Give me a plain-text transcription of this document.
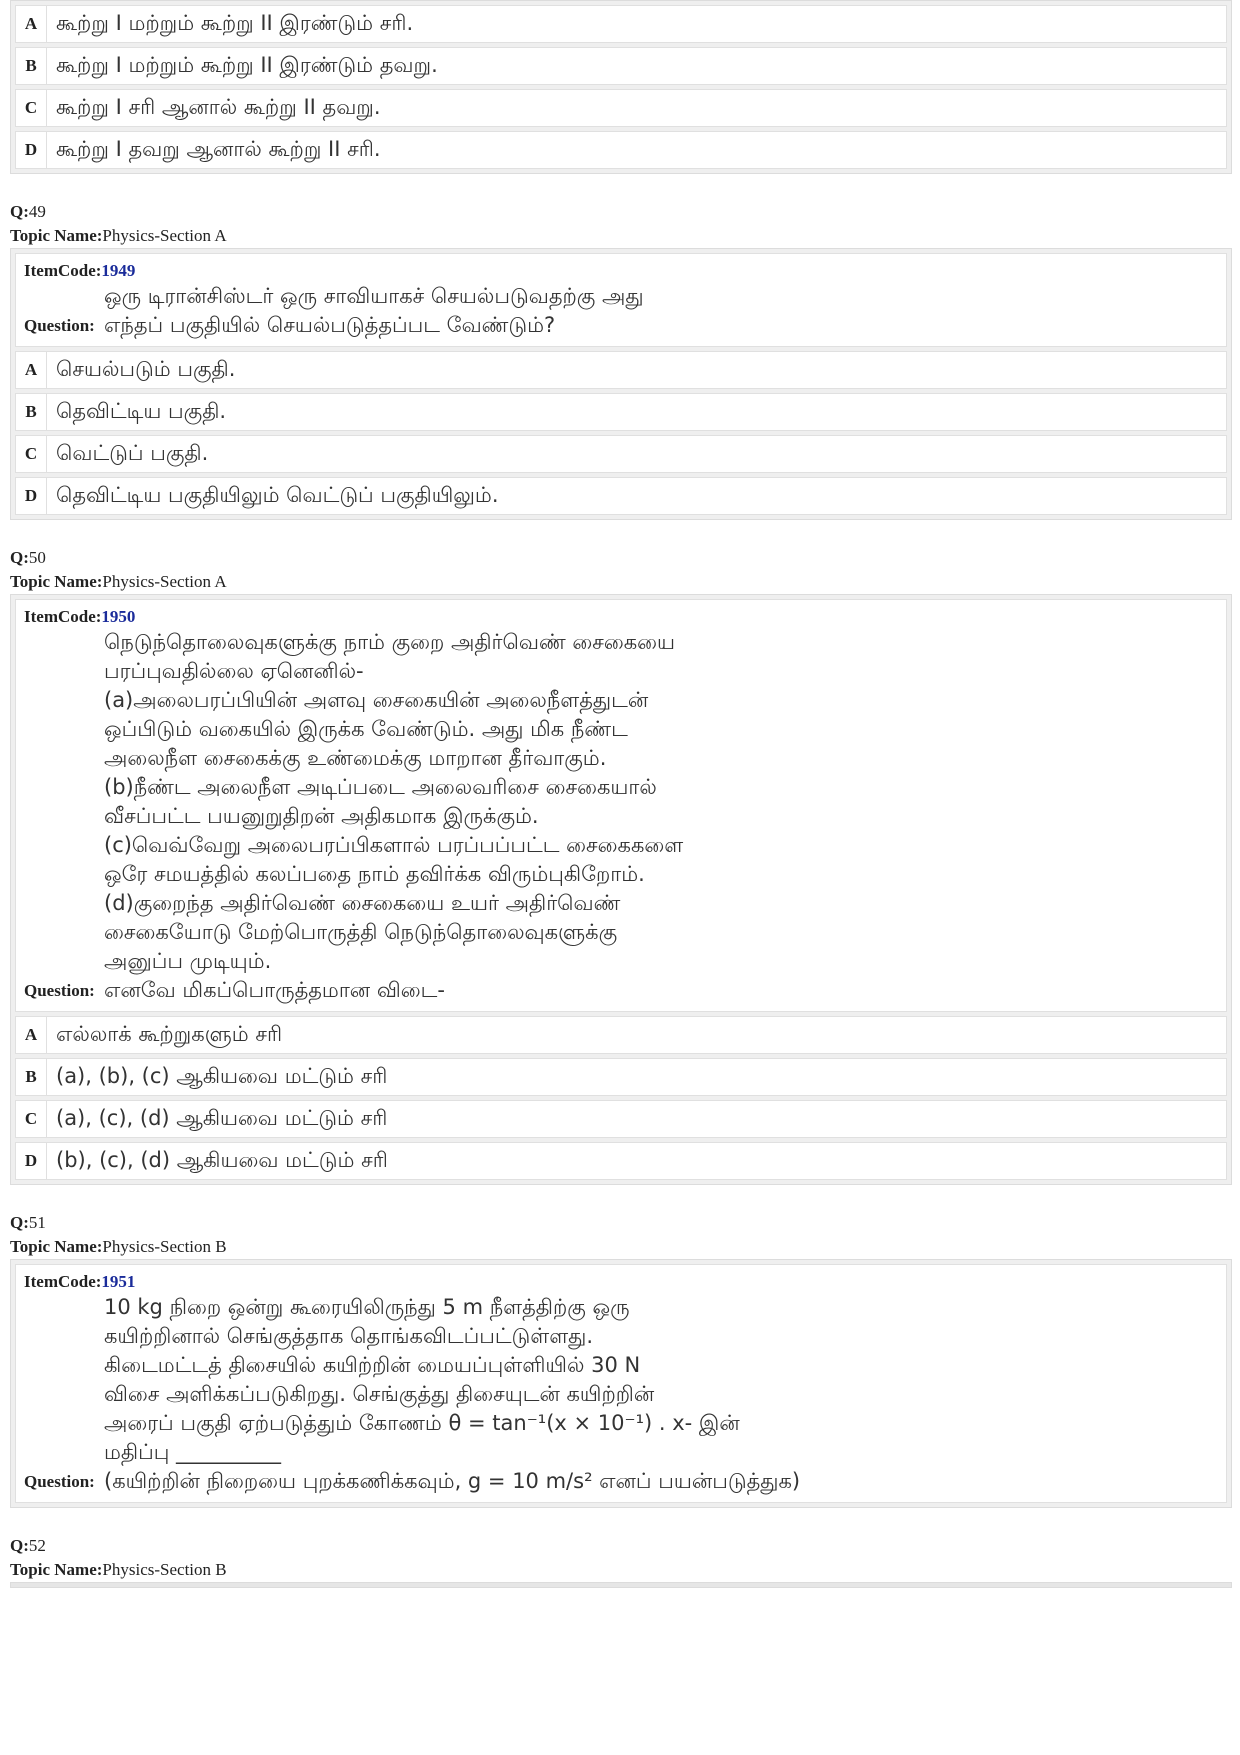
A கூற்று I மற்றும் கூற்று II இரண்டும் சரி.
B கூற்று I மற்றும் கூற்று II இரண்டும் தவறு.
C கூற்று I சரி ஆனால் கூற்று II தவறு.
D கூற்று I தவறு ஆனால் கூற்று II சரி.
Q:49
Topic Name:Physics-Section A
ItemCode:1949
Question:
ஒரு டிரான்சிஸ்டர் ஒரு சாவியாகச் செயல்படுவதற்கு அது
எந்தப் பகுதியில் செயல்படுத்தப்பட வேண்டும்?
A செயல்படும் பகுதி.
B தெவிட்டிய பகுதி.
C வெட்டுப் பகுதி.
D தெவிட்டிய பகுதியிலும் வெட்டுப் பகுதியிலும்.
Q:50
Topic Name:Physics-Section A
ItemCode:1950
Question:
நெடுந்தொலைவுகளுக்கு நாம் குறை அதிர்வெண் சைகையை
பரப்புவதில்லை ஏனெனில்-
(a)அலைபரப்பியின் அளவு சைகையின் அலைநீளத்துடன்
ஒப்பிடும் வகையில் இருக்க வேண்டும். அது மிக நீண்ட
அலைநீள சைகைக்கு உண்மைக்கு மாறான தீர்வாகும்.
(b)நீண்ட அலைநீள அடிப்படை அலைவரிசை சைகையால்
வீசப்பட்ட பயனுறுதிறன் அதிகமாக இருக்கும்.
(c)வெவ்வேறு அலைபரப்பிகளால் பரப்பப்பட்ட சைகைகளை
ஒரே சமயத்தில் கலப்பதை நாம் தவிர்க்க விரும்புகிறோம்.
(d)குறைந்த அதிர்வெண் சைகையை உயர் அதிர்வெண்
சைகையோடு மேற்பொருத்தி நெடுந்தொலைவுகளுக்கு
அனுப்ப முடியும்.
எனவே மிகப்பொருத்தமான விடை-
A எல்லாக் கூற்றுகளும் சரி
B (a), (b), (c) ஆகியவை மட்டும் சரி
C (a), (c), (d) ஆகியவை மட்டும் சரி
D (b), (c), (d) ஆகியவை மட்டும் சரி
Q:51
Topic Name:Physics-Section B
ItemCode:1951
Question:
10 kg நிறை ஒன்று கூரையிலிருந்து 5 m நீளத்திற்கு ஒரு
கயிற்றினால் செங்குத்தாக தொங்கவிடப்பட்டுள்ளது.
கிடைமட்டத் திசையில் கயிற்றின் மையப்புள்ளியில் 30 N
விசை அளிக்கப்படுகிறது. செங்குத்து திசையுடன் கயிற்றின்
அரைப் பகுதி ஏற்படுத்தும் கோணம் θ = tan⁻¹(x × 10⁻¹) . x- இன்
மதிப்பு __________
(கயிற்றின் நிறையை புறக்கணிக்கவும், g = 10 m/s² எனப் பயன்படுத்துக)
Q:52
Topic Name:Physics-Section B
